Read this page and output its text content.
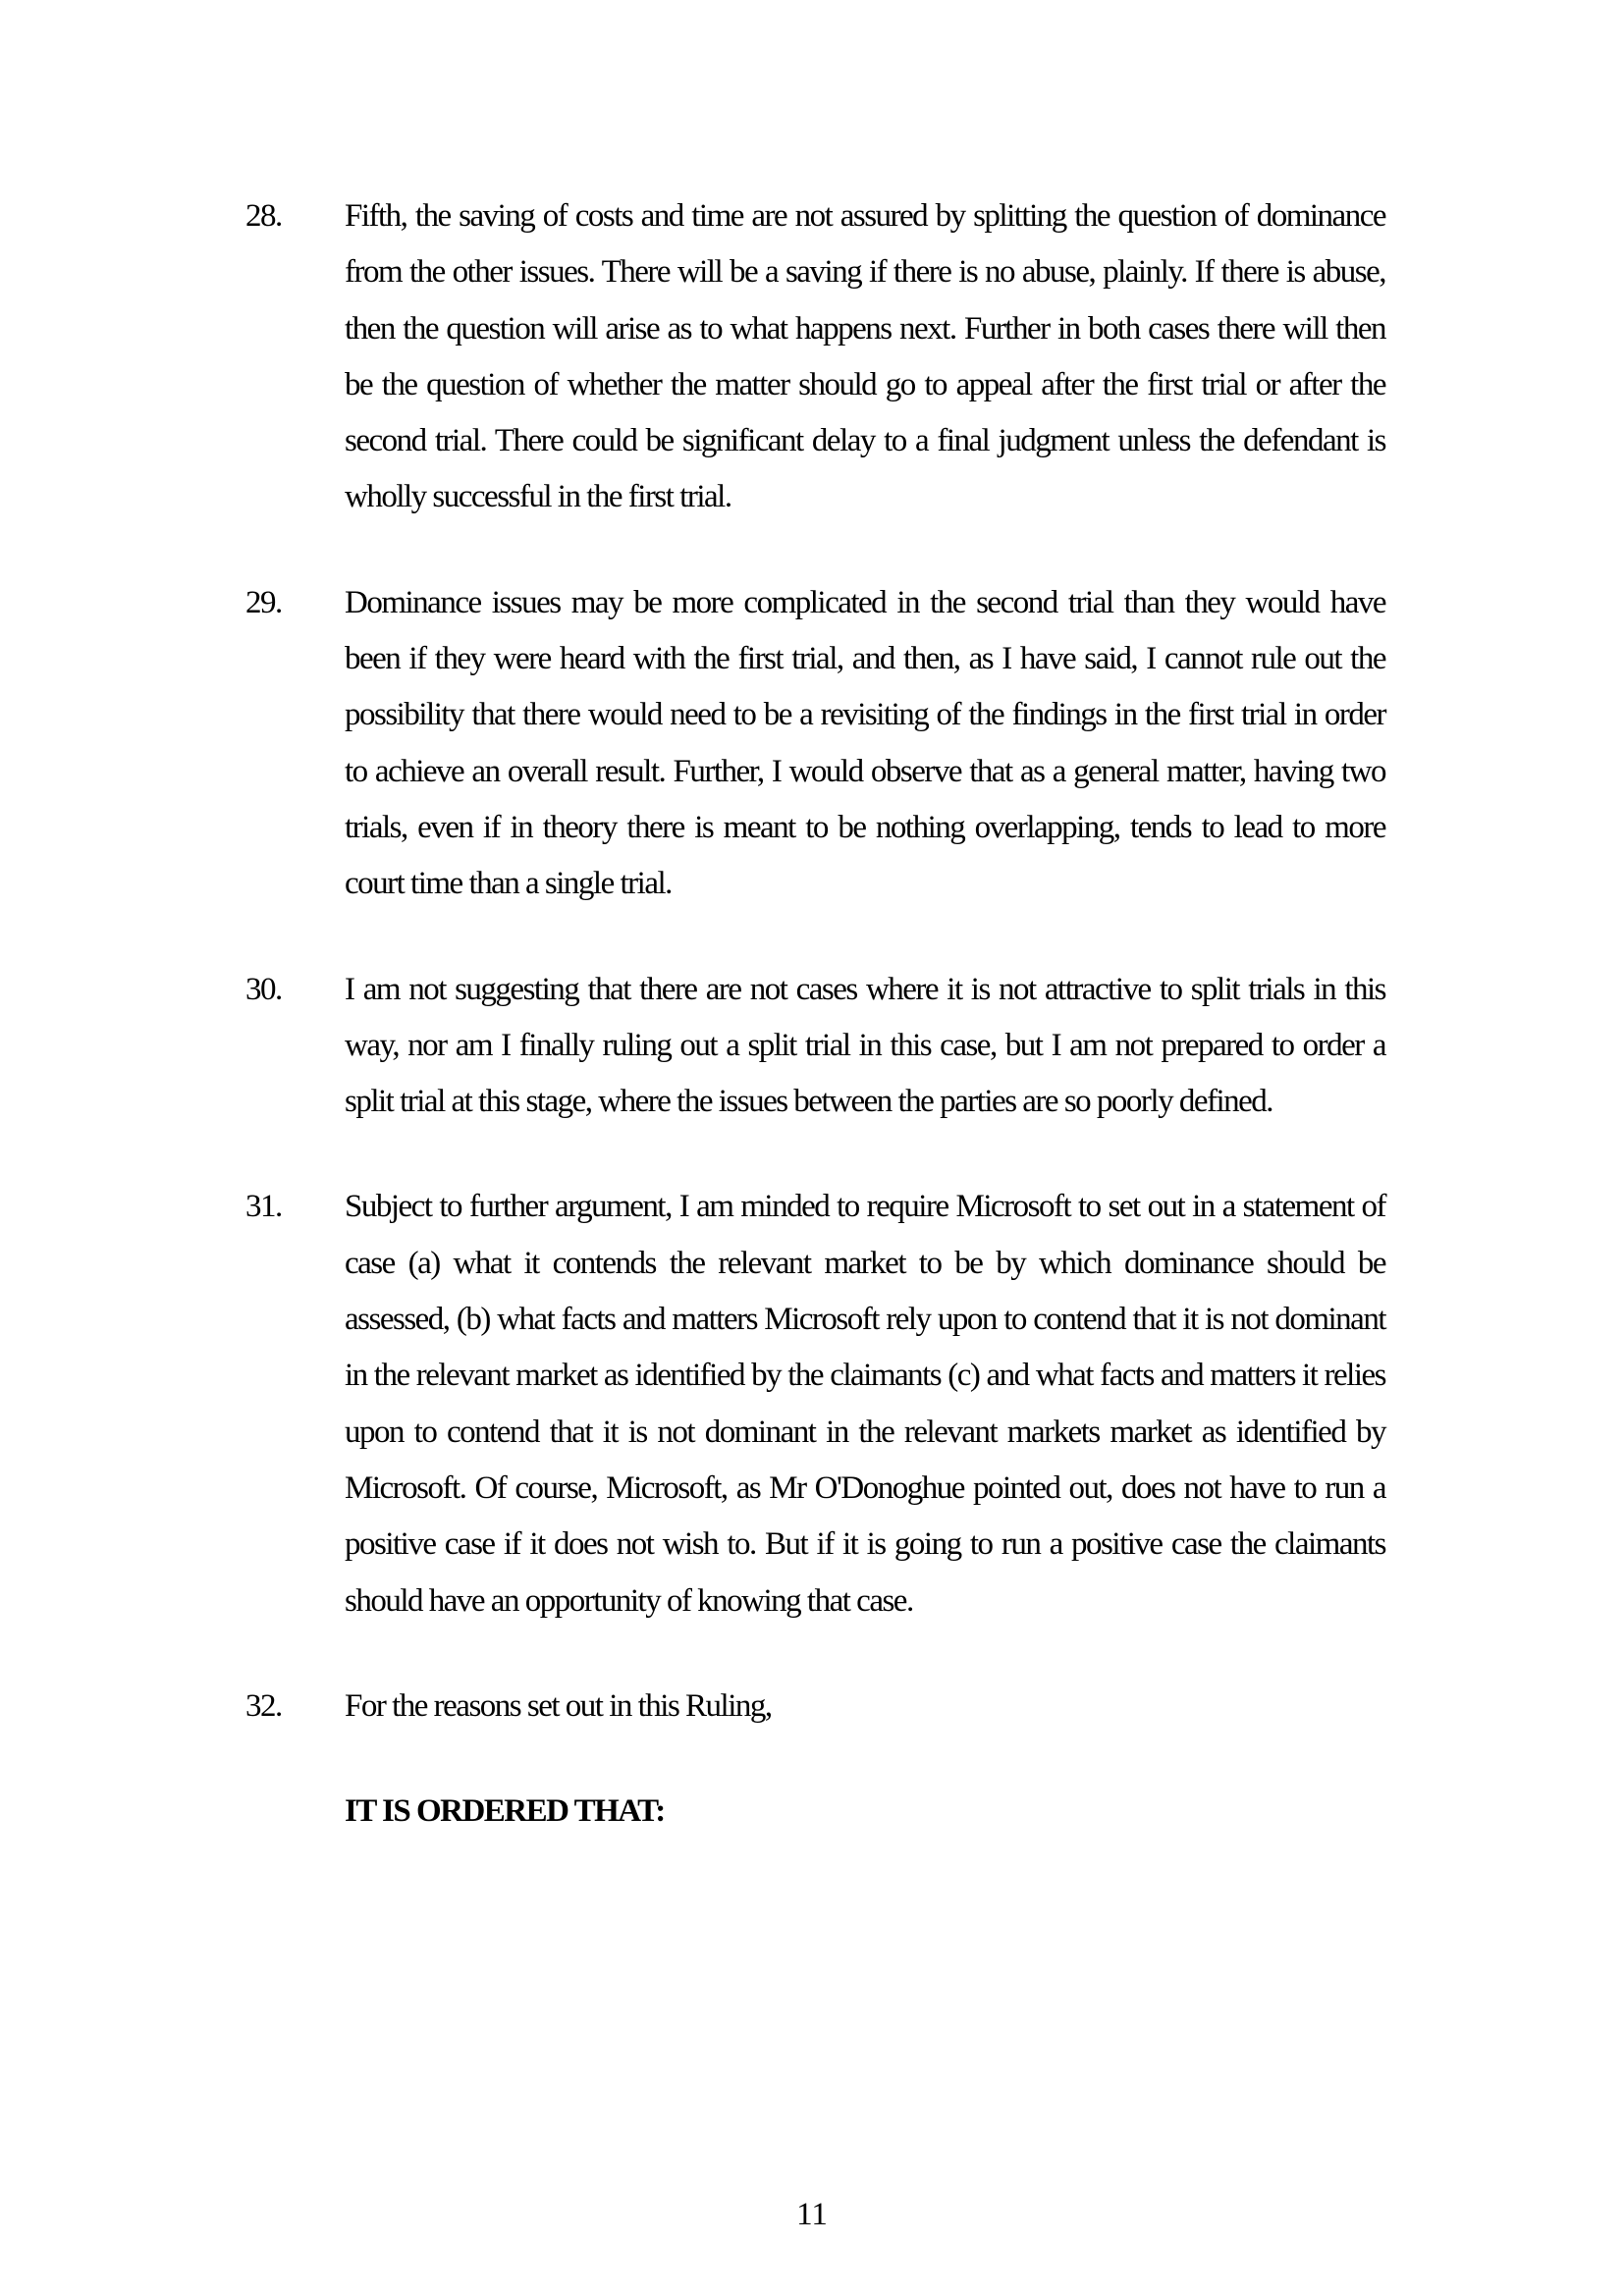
28.	Fifth, the saving of costs and time are not assured by splitting the question of dominance from the other issues. There will be a saving if there is no abuse, plainly. If there is abuse, then the question will arise as to what happens next. Further in both cases there will then be the question of whether the matter should go to appeal after the first trial or after the second trial. There could be significant delay to a final judgment unless the defendant is wholly successful in the first trial.
29.	Dominance issues may be more complicated in the second trial than they would have been if they were heard with the first trial, and then, as I have said, I cannot rule out the possibility that there would need to be a revisiting of the findings in the first trial in order to achieve an overall result. Further, I would observe that as a general matter, having two trials, even if in theory there is meant to be nothing overlapping, tends to lead to more court time than a single trial.
30.	I am not suggesting that there are not cases where it is not attractive to split trials in this way, nor am I finally ruling out a split trial in this case, but I am not prepared to order a split trial at this stage, where the issues between the parties are so poorly defined.
31.	Subject to further argument, I am minded to require Microsoft to set out in a statement of case (a) what it contends the relevant market to be by which dominance should be assessed, (b) what facts and matters Microsoft rely upon to contend that it is not dominant in the relevant market as identified by the claimants (c) and what facts and matters it relies upon to contend that it is not dominant in the relevant markets market as identified by Microsoft. Of course, Microsoft, as Mr O'Donoghue pointed out, does not have to run a positive case if it does not wish to. But if it is going to run a positive case the claimants should have an opportunity of knowing that case.
32.	For the reasons set out in this Ruling,
IT IS ORDERED THAT:
11
